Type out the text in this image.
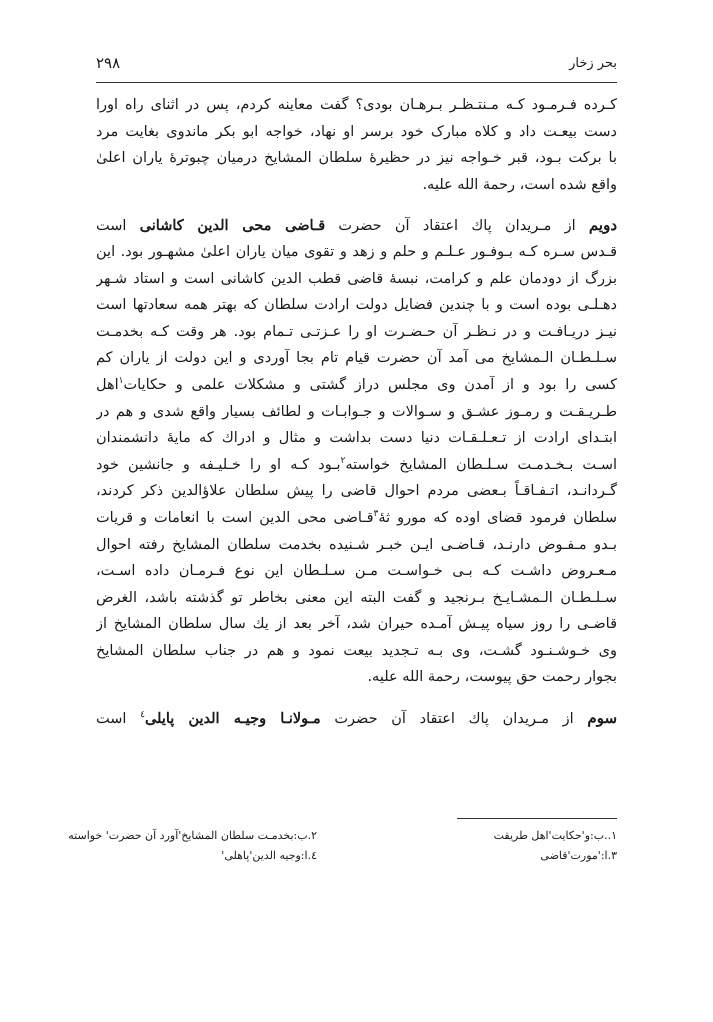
بحر زخار
۲۹۸
کـرده فـرمـود کـه مـنتـظـر بـرهـان بودی؟ گفت معاینه کردم، پس در اثنای راه اورا
دست بیعـت داد و کلاه مبارک خود برسر او نهاد، خواجه ابو بکر ماندوی بغایت مرد
با برکت بـود، قبر خـواجه نیز در حظیرهٔ سلطان المشایخ درمیان چبوترهٔ یاران اعلیٰ
واقع شده است، رحمة الله علیه.
دویم از مـریدان پاك اعتقاد آن حضرت قـاضی محی الدین کاشانی است
قـدس سـره کـه بـوفـور عـلـم و حلم و زهد و تقوی میان یاران اعلیٰ مشهـور بود. این
بزرگ از دودمان علم و کرامت، نبسهٔ قاضی قطب الدین کاشانی است و استاد شـهر
دهـلـی بوده است و با چندین فضایل دولت ارادت سلطان که بهتر همه سعادتها است
نیـز دریـافـت و در نـظـر آن حـضـرت او را عـزتـی تـمام بود. هر وقت کـه بخدمـت
سـلـطـان الـمشایخ می آمد آن حضرت قیام تام بجا آوردی و این دولت از یاران کم
کسی را بود و از آمدن وی مجلس دراز گشتی و مشکلات علمی و حکایات$^۱$اهل
طـریـقـت و رمـوز عشـق و سـوالات و جـوابـات و لطائف بسیار واقع شدی و هم در
ابتـدای ارادت از تـعـلـقـات دنیا دست بداشت و مثال و ادراك که مایهٔ دانشمندان
اسـت بـخـدمـت سـلـطان المشایخ خواسته$^۲$بـود کـه او را خـلیـفه و جانشین خود
گـردانـد، اتـفـاقـاً بـعضی مردم احوال قاضی را پیش سلطان علاؤالدین ذکر کردند،
سلطان فرمود قضای اوده که مورو ثهٔ$^۳$قـاضی محی الدین است با انعامات و قریات
بـدو مـفـوض دارنـد، قـاضـی ایـن خبـر شـنیده بخدمت سلطان المشایخ رفته احوال
مـعـروض داشـت کـه بـی خـواسـت مـن سـلـطان این نوع فـرمـان داده اسـت،
سـلـطـان الـمشـایـخ بـرنجید و گفت البته این معنی بخاطر تو گذشته باشد، الغرض
قاضـی را روز سیاه پیـش آمـده حیران شد، آخر بعد از یك سال سلطان المشایخ از
وی خـوشـنـود گشـت، وی بـه تـجدید بیعت نمود و هم در جناب سلطان المشایخ
بجوار رحمت حق پیوست، رحمة الله علیه.
سوم از مـریدان پاك اعتقاد آن حضرت مـولانـا وجیـه الدین پایلی$^٤$ است
۱..ب:و'حکایت'اهل طریقت
۲.ب:بخدمـت سلطان المشایخ'آورد آن حضرت' خواسته
۳.ا:'مورت'قاضی
٤.ا:وجیه الدین'پاهلی'
